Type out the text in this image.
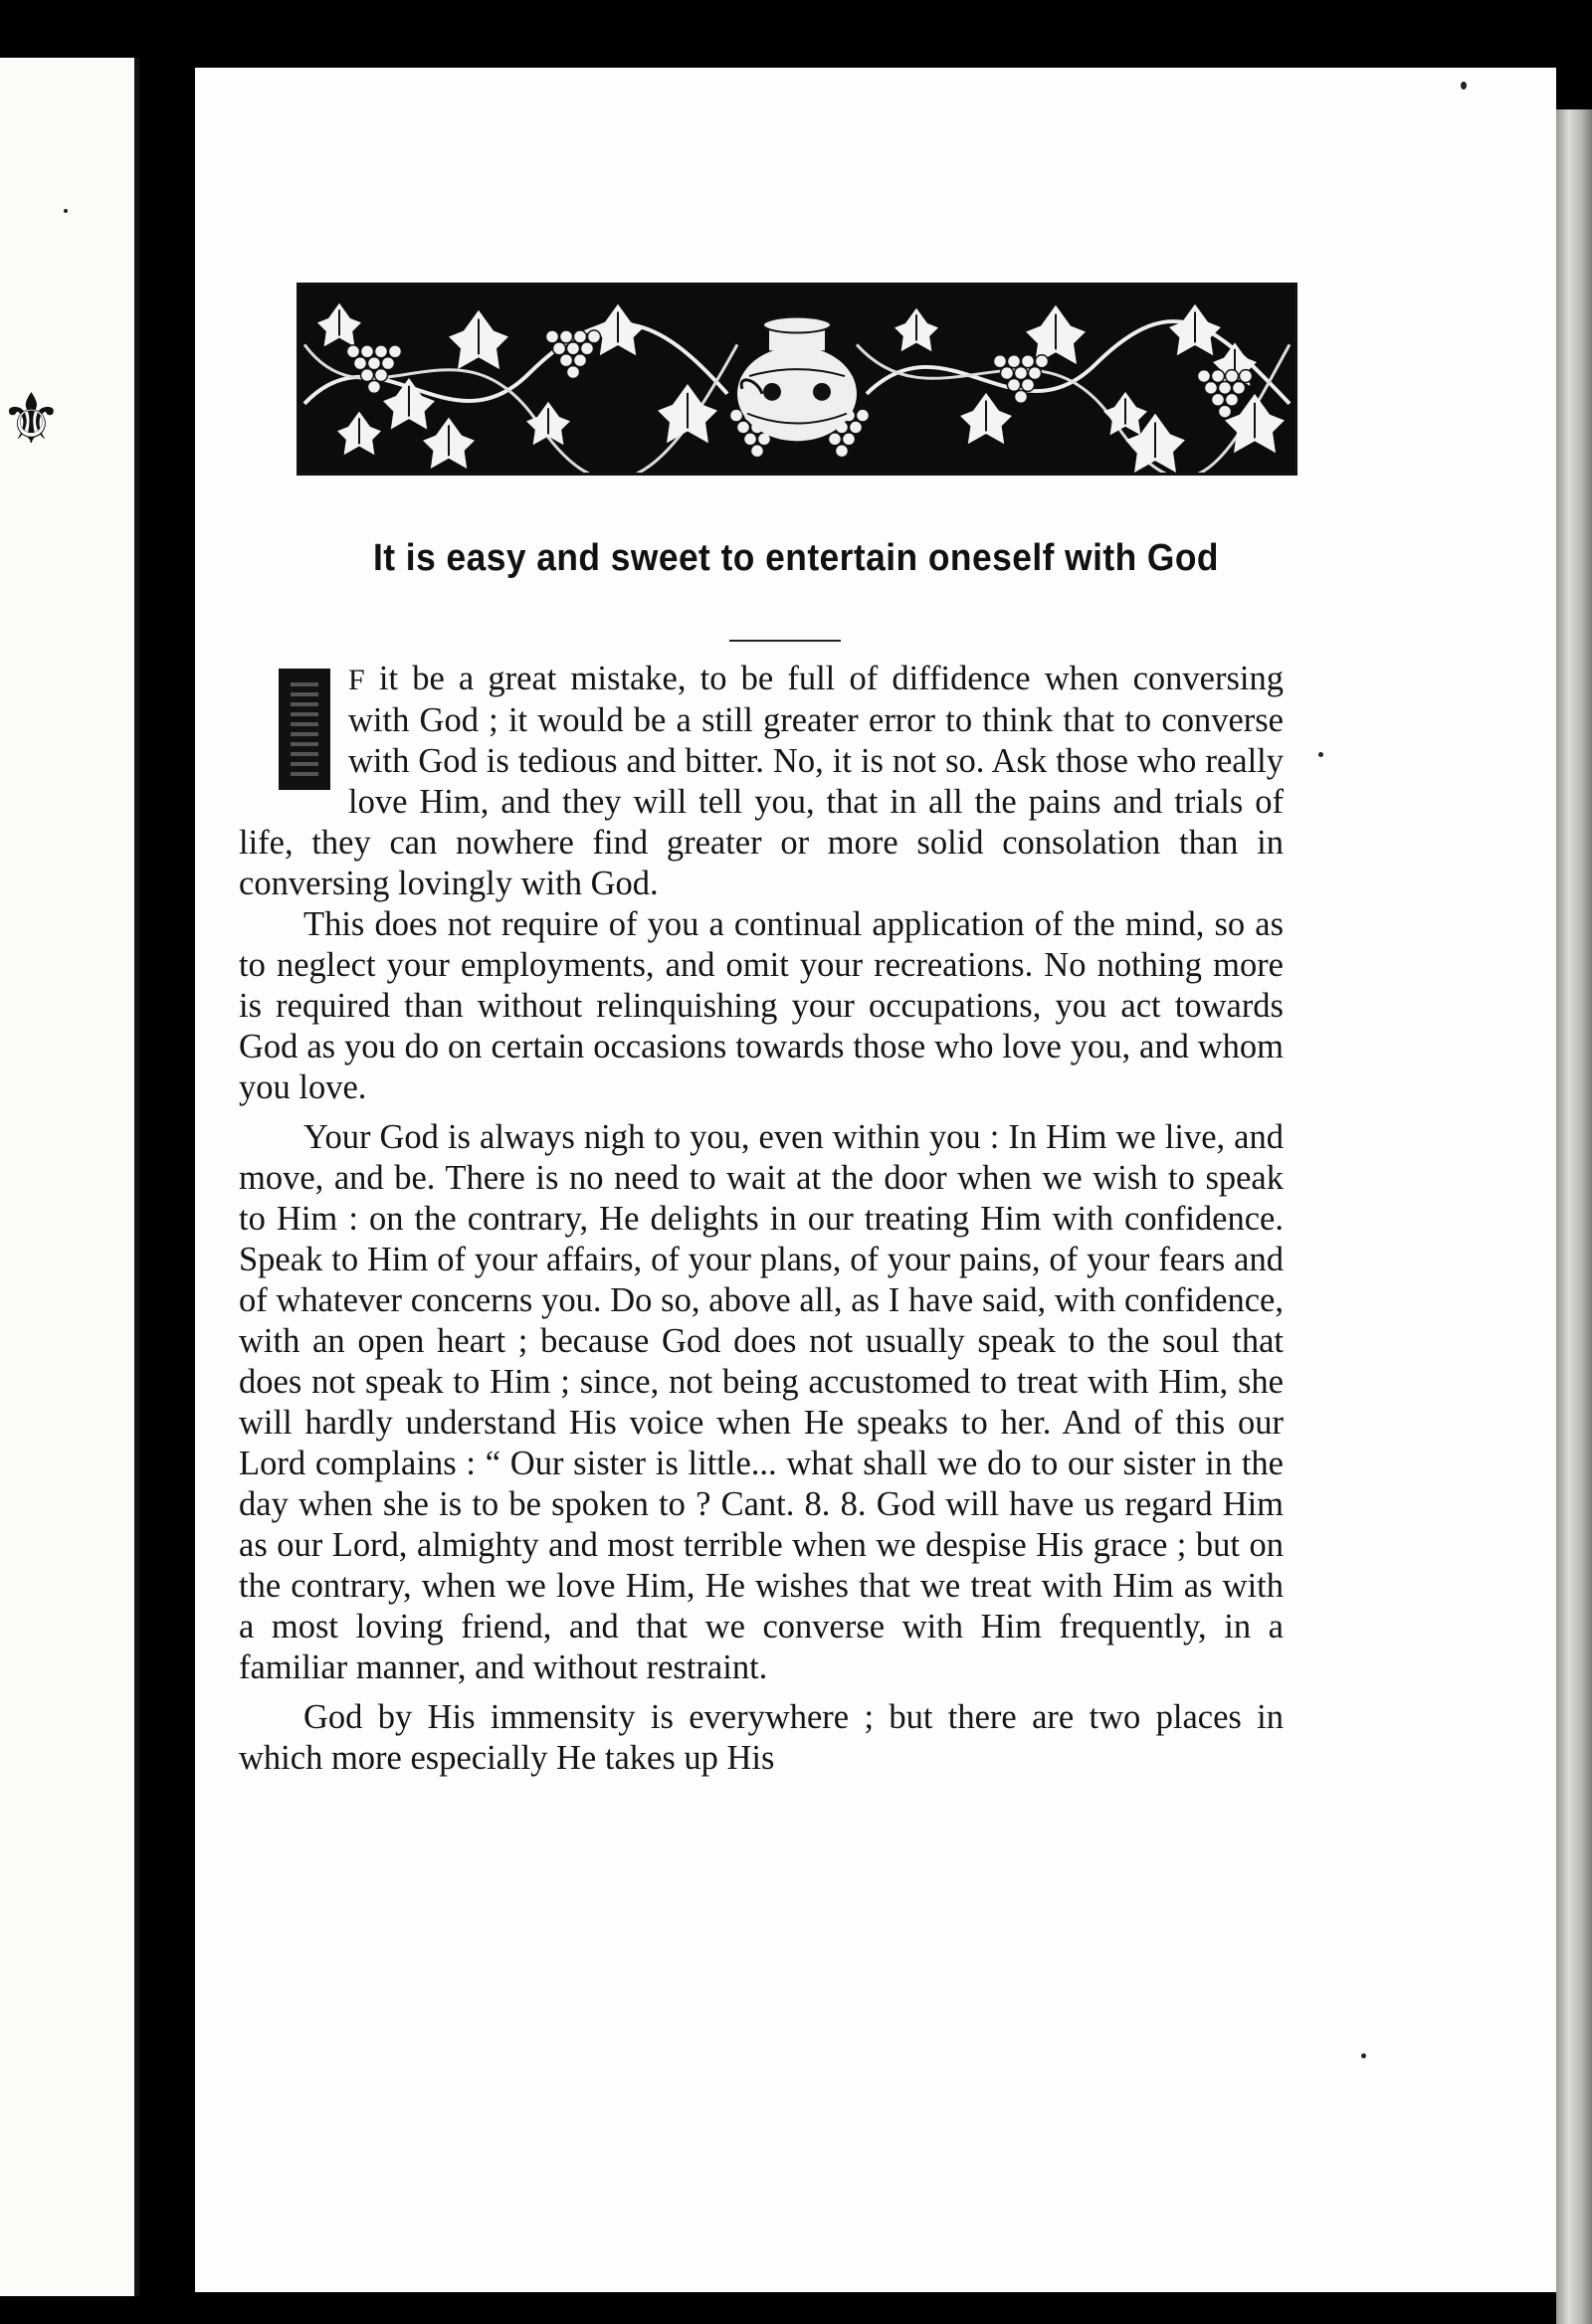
⚜
It is easy and sweet to entertain oneself with God

F it be a great mistake, to be full of diffidence when conversing with God ; it would be a still greater error to think that to converse with God is tedious and bitter. No, it is not so. Ask those who really love Him, and they will tell you, that in all the pains and trials of life, they can nowhere find greater or more solid consolation than in conversing lovingly with God.

This does not require of you a continual application of the mind, so as to neglect your employments, and omit your recreations. No nothing more is required than without relinquishing your occupations, you act towards God as you do on certain occasions towards those who love you, and whom you love.

Your God is always nigh to you, even within you : In Him we live, and move, and be. There is no need to wait at the door when we wish to speak to Him : on the contrary, He delights in our treating Him with confidence. Speak to Him of your affairs, of your plans, of your pains, of your fears and of whatever concerns you. Do so, above all, as I have said, with confidence, with an open heart ; because God does not usually speak to the soul that does not speak to Him ; since, not being accustomed to treat with Him, she will hardly understand His voice when He speaks to her. And of this our Lord complains : “ Our sister is little... what shall we do to our sister in the day when she is to be spoken to ? Cant. 8. 8. God will have us regard Him as our Lord, almighty and most terrible when we despise His grace ; but on the contrary, when we love Him, He wishes that we treat with Him as with a most loving friend, and that we converse with Him frequently, in a familiar manner, and without restraint.

God by His immensity is everywhere ; but there are two places in which more especially He takes up His
